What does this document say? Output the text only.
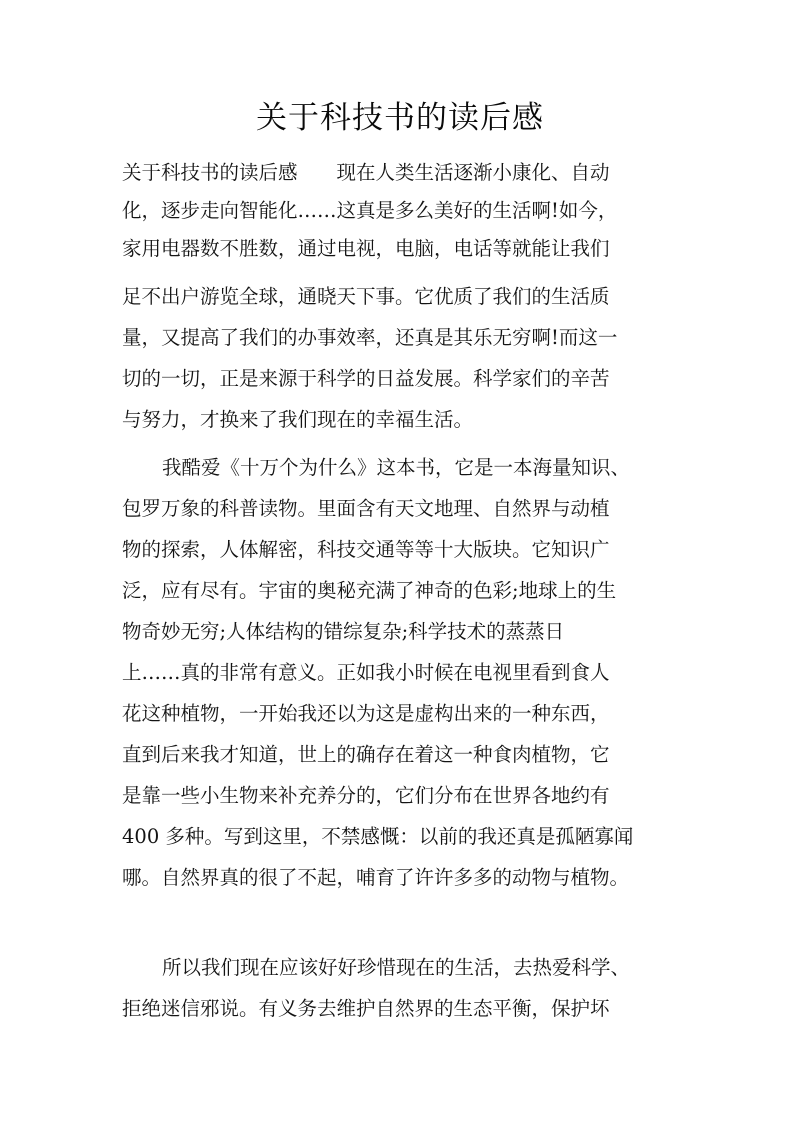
关于科技书的读后感
关于科技书的读后感　　现在人类生活逐渐小康化、自动
化，逐步走向智能化……这真是多么美好的生活啊!如今，
家用电器数不胜数，通过电视，电脑，电话等就能让我们
足不出户游览全球，通晓天下事。它优质了我们的生活质
量，又提高了我们的办事效率，还真是其乐无穷啊!而这一
切的一切，正是来源于科学的日益发展。科学家们的辛苦
与努力，才换来了我们现在的幸福生活。
我酷爱《十万个为什么》这本书，它是一本海量知识、
包罗万象的科普读物。里面含有天文地理、自然界与动植
物的探索，人体解密，科技交通等等十大版块。它知识广
泛，应有尽有。宇宙的奥秘充满了神奇的色彩;地球上的生
物奇妙无穷;人体结构的错综复杂;科学技术的蒸蒸日
上……真的非常有意义。正如我小时候在电视里看到食人
花这种植物，一开始我还以为这是虚构出来的一种东西，
直到后来我才知道，世上的确存在着这一种食肉植物，它
是靠一些小生物来补充养分的，它们分布在世界各地约有
400 多种。写到这里，不禁感慨：以前的我还真是孤陋寡闻
哪。自然界真的很了不起，哺育了许许多多的动物与植物。
所以我们现在应该好好珍惜现在的生活，去热爱科学、
拒绝迷信邪说。有义务去维护自然界的生态平衡，保护坏
